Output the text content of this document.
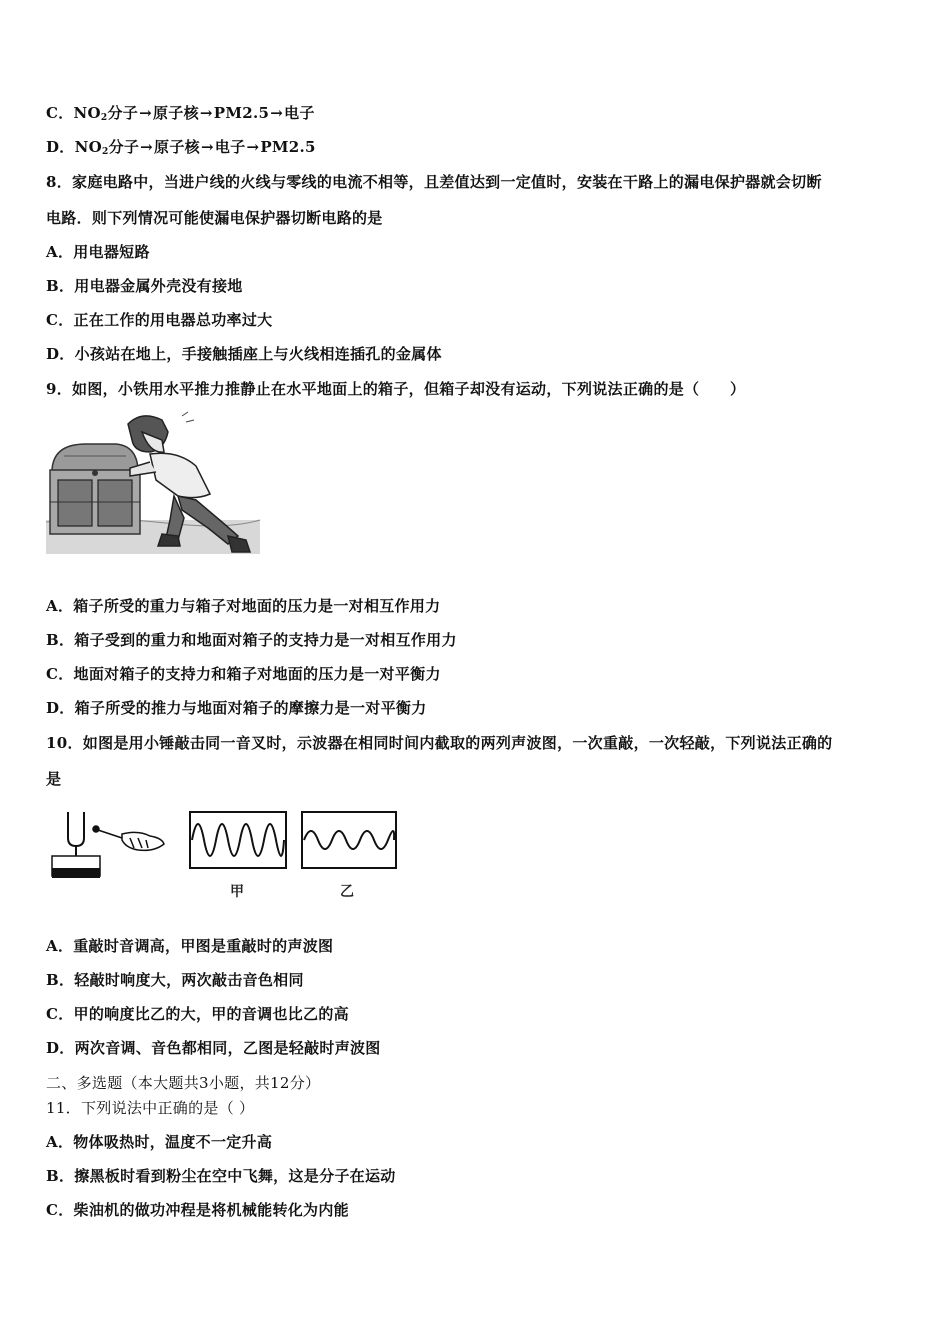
C．$NO_2$分子→原子核→PM2.5→电子
D．$NO_2$分子→原子核→电子→PM2.5
8．家庭电路中，当进户线的火线与零线的电流不相等，且差值达到一定值时，安装在干路上的漏电保护器就会切断
电路．则下列情况可能使漏电保护器切断电路的是
A．用电器短路
B．用电器金属外壳没有接地
C．正在工作的用电器总功率过大
D．小孩站在地上，手接触插座上与火线相连插孔的金属体
9．如图，小铁用水平推力推静止在水平地面上的箱子，但箱子却没有运动，下列说法正确的是（　　）
A．箱子所受的重力与箱子对地面的压力是一对相互作用力
B．箱子受到的重力和地面对箱子的支持力是一对相互作用力
C．地面对箱子的支持力和箱子对地面的压力是一对平衡力
D．箱子所受的推力与地面对箱子的摩擦力是一对平衡力
10．如图是用小锤敲击同一音叉时，示波器在相同时间内截取的两列声波图，一次重敲，一次轻敲，下列说法正确的
是
甲	乙
A．重敲时音调高，甲图是重敲时的声波图
B．轻敲时响度大，两次敲击音色相同
C．甲的响度比乙的大，甲的音调也比乙的高
D．两次音调、音色都相同，乙图是轻敲时声波图
二、多选题（本大题共3小题，共12分）
11．下列说法中正确的是（ ）
A．物体吸热时，温度不一定升高
B．擦黑板时看到粉尘在空中飞舞，这是分子在运动
C．柴油机的做功冲程是将机械能转化为内能
